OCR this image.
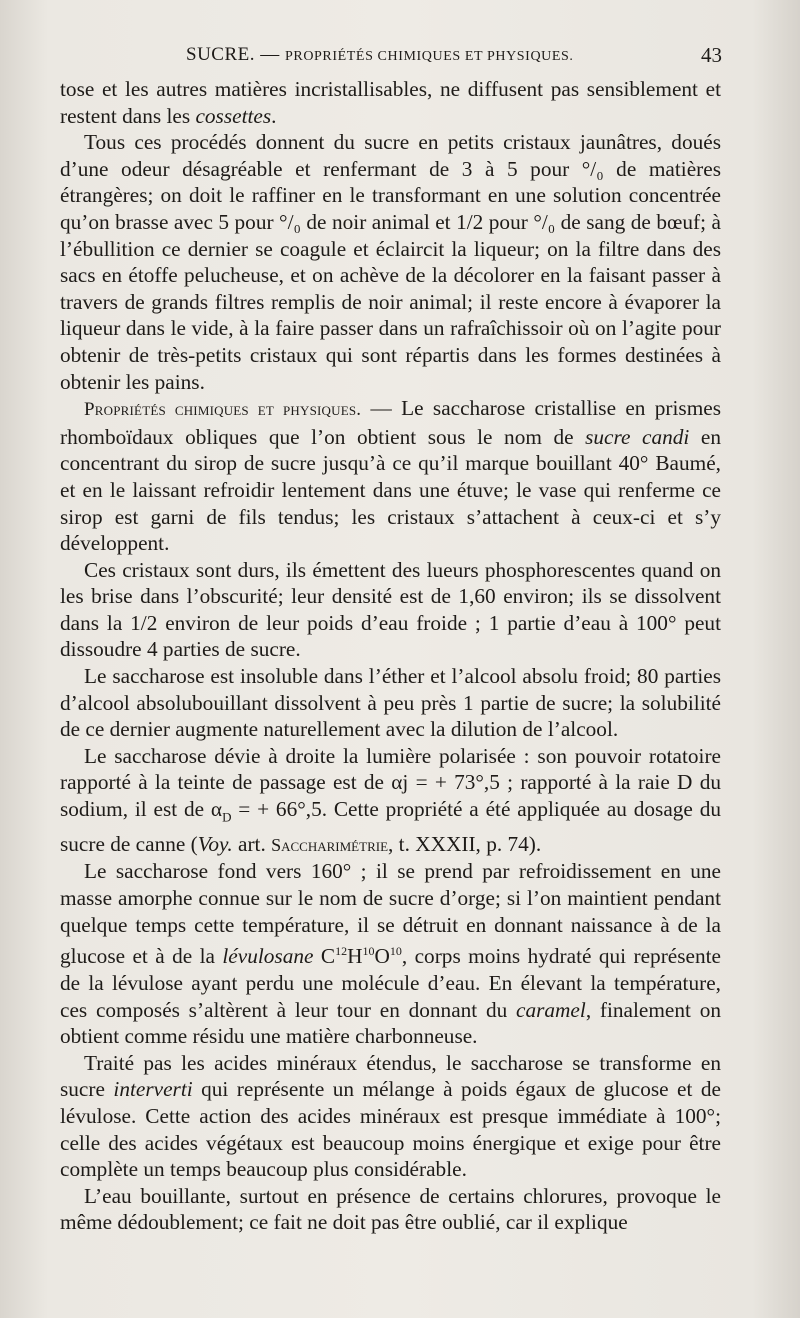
SUCRE. — PROPRIÉTÉS CHIMIQUES ET PHYSIQUES.	43

tose et les autres matières incristallisables, ne diffusent pas sensiblement et restent dans les cossettes.

Tous ces procédés donnent du sucre en petits cristaux jaunâtres, doués d’une odeur désagréable et renfermant de 3 à 5 pour °/₀ de matières étrangères; on doit le raffiner en le transformant en une solution concentrée qu’on brasse avec 5 pour °/₀ de noir animal et 1/2 pour °/₀ de sang de bœuf; à l’ébullition ce dernier se coagule et éclaircit la liqueur; on la filtre dans des sacs en étoffe pelucheuse, et on achève de la décolorer en la faisant passer à travers de grands filtres remplis de noir animal; il reste encore à évaporer la liqueur dans le vide, à la faire passer dans un rafraîchissoir où on l’agite pour obtenir de très-petits cristaux qui sont répartis dans les formes destinées à obtenir les pains.

Propriétés chimiques et physiques. — Le saccharose cristallise en prismes rhomboïdaux obliques que l’on obtient sous le nom de sucre candi en concentrant du sirop de sucre jusqu’à ce qu’il marque bouillant 40° Baumé, et en le laissant refroidir lentement dans une étuve; le vase qui renferme ce sirop est garni de fils tendus; les cristaux s’attachent à ceux-ci et s’y développent.

Ces cristaux sont durs, ils émettent des lueurs phosphorescentes quand on les brise dans l’obscurité; leur densité est de 1,60 environ; ils se dissolvent dans la 1/2 environ de leur poids d’eau froide ; 1 partie d’eau à 100° peut dissoudre 4 parties de sucre.

Le saccharose est insoluble dans l’éther et l’alcool absolu froid; 80 parties d’alcool absolubouillant dissolvent à peu près 1 partie de sucre; la solubilité de ce dernier augmente naturellement avec la dilution de l’alcool.

Le saccharose dévie à droite la lumière polarisée : son pouvoir rotatoire rapporté à la teinte de passage est de αj = + 73°,5 ; rapporté à la raie D du sodium, il est de $\alpha_D$ = + 66°,5. Cette propriété a été appliquée au dosage du sucre de canne (Voy. art. Saccharimétrie, t. XXXII, p. 74).

Le saccharose fond vers 160° ; il se prend par refroidissement en une masse amorphe connue sur le nom de sucre d’orge; si l’on maintient pendant quelque temps cette température, il se détruit en donnant naissance à de la glucose et à de la lévulosane $C^{12}H^{10}O^{10}$, corps moins hydraté qui représente de la lévulose ayant perdu une molécule d’eau. En élevant la température, ces composés s’altèrent à leur tour en donnant du caramel, finalement on obtient comme résidu une matière charbonneuse.

Traité pas les acides minéraux étendus, le saccharose se transforme en sucre interverti qui représente un mélange à poids égaux de glucose et de lévulose. Cette action des acides minéraux est presque immédiate à 100°; celle des acides végétaux est beaucoup moins énergique et exige pour être complète un temps beaucoup plus considérable.

L’eau bouillante, surtout en présence de certains chlorures, provoque le même dédoublement; ce fait ne doit pas être oublié, car il explique
